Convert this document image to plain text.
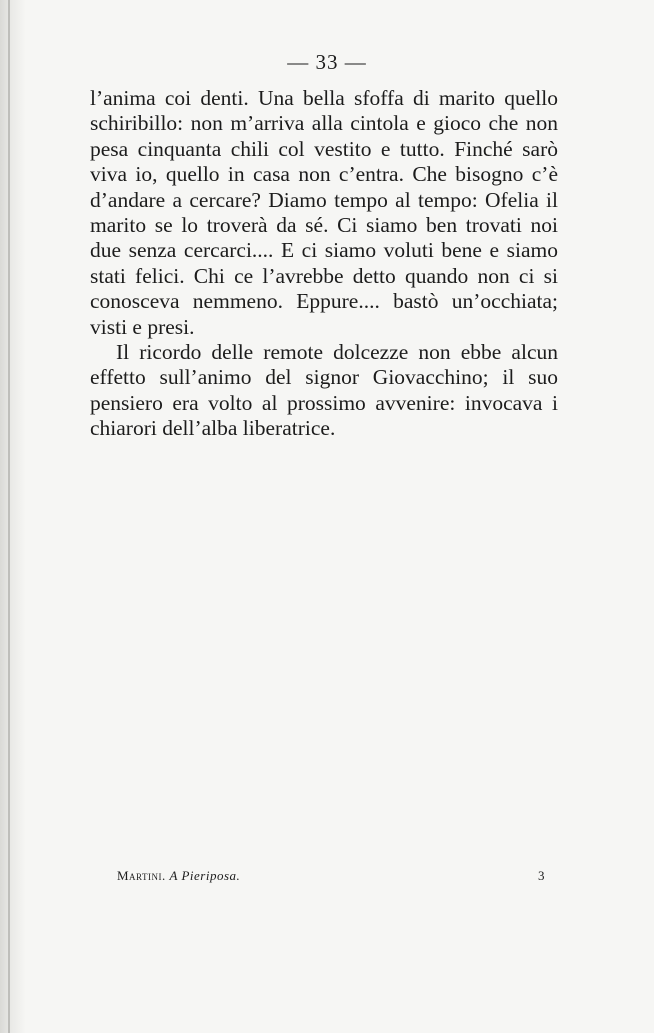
— 33 —

l’anima coi denti. Una bella sfoffa di marito quello schiribillo: non m’arriva alla cintola e gioco che non pesa cinquanta chili col vestito e tutto. Finché sarò viva io, quello in casa non c’entra. Che bisogno c’è d’andare a cercare? Diamo tempo al tempo: Ofelia il marito se lo troverà da sé. Ci siamo ben trovati noi due senza cercarci.... E ci siamo voluti bene e siamo stati felici. Chi ce l’avrebbe detto quando non ci si conosceva nemmeno. Eppure.... bastò un’occhiata; visti e presi.

Il ricordo delle remote dolcezze non ebbe alcun effetto sull’animo del signor Giovacchino; il suo pensiero era volto al prossimo avvenire: invocava i chiarori dell’alba liberatrice.

Martini. A Pieriposa.	3
